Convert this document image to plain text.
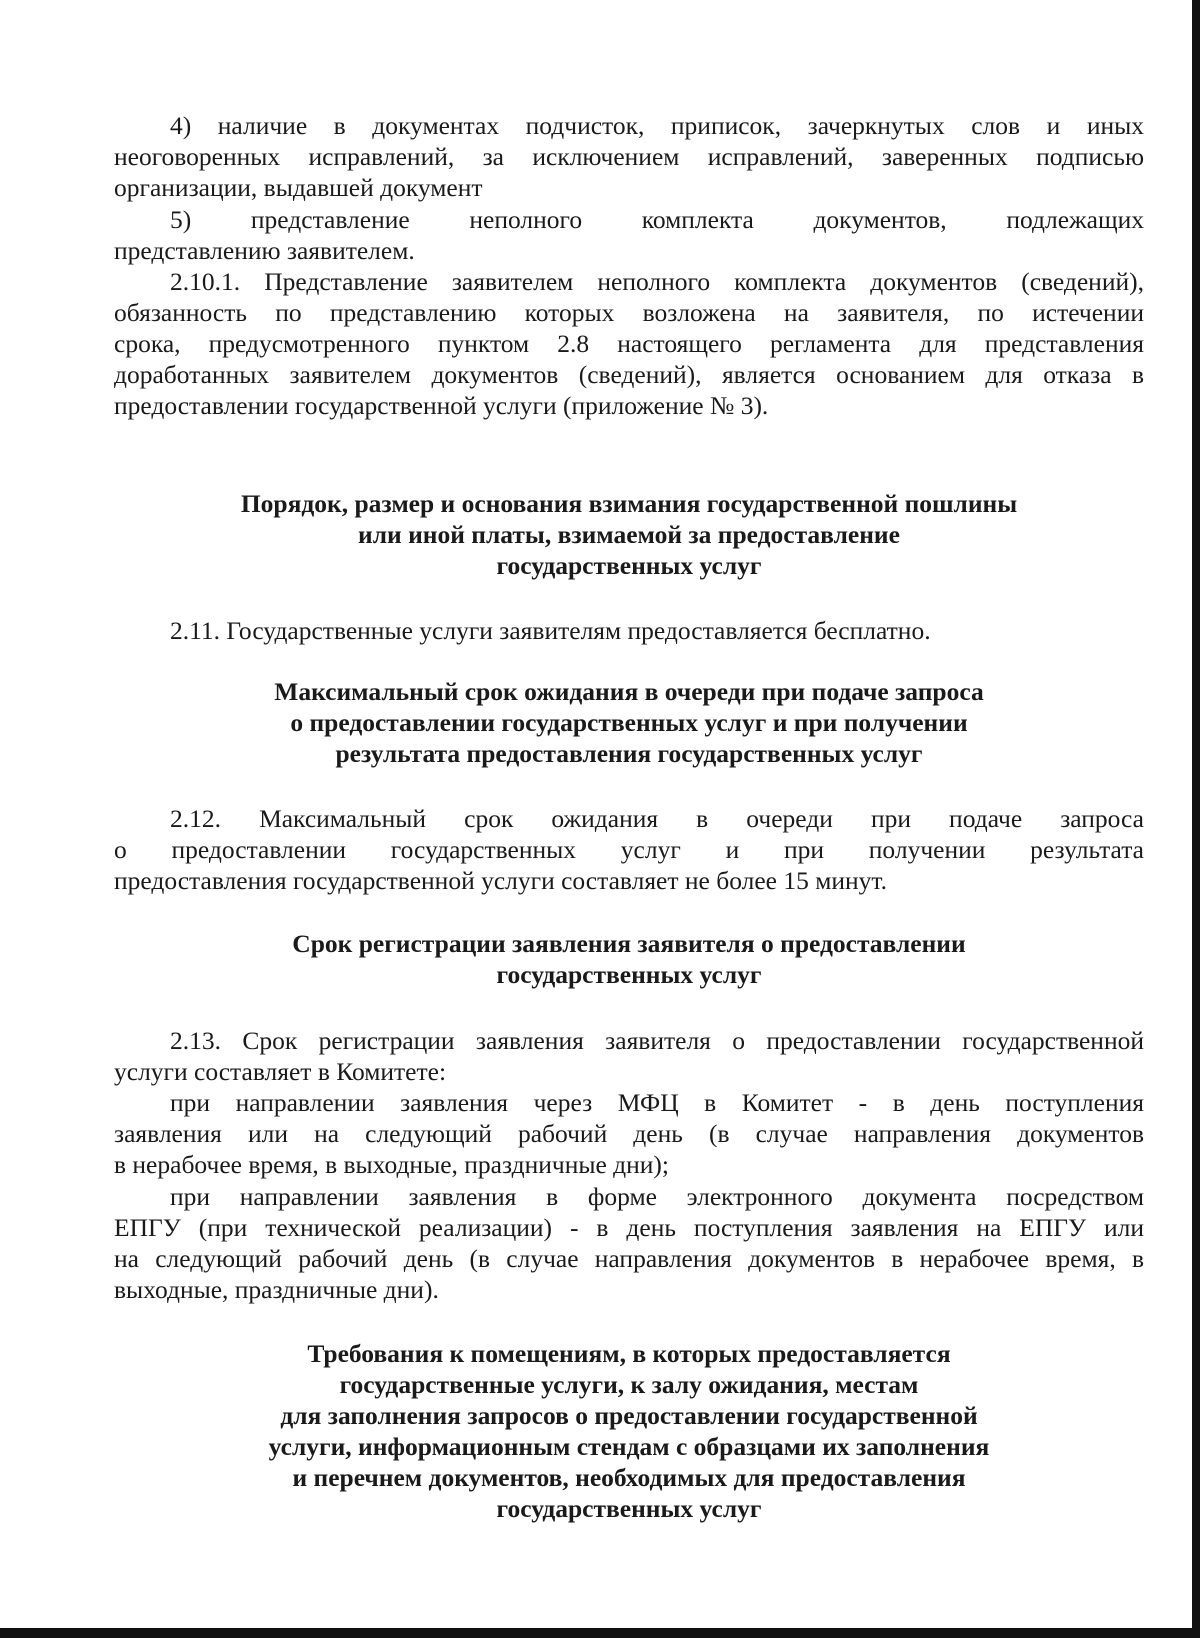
4) наличие в документах подчисток, приписок, зачеркнутых слов и иных
неоговоренных исправлений, за исключением исправлений, заверенных подписью
организации, выдавшей документ
5) представление неполного комплекта документов, подлежащих
представлению заявителем.
2.10.1. Представление заявителем неполного комплекта документов (сведений),
обязанность по представлению которых возложена на заявителя, по истечении
срока, предусмотренного пунктом 2.8 настоящего регламента для представления
доработанных заявителем документов (сведений), является основанием для отказа в
предоставлении государственной услуги (приложение № 3).
Порядок, размер и основания взимания государственной пошлины
или иной платы, взимаемой за предоставление
государственных услуг
2.11. Государственные услуги заявителям предоставляется бесплатно.
Максимальный срок ожидания в очереди при подаче запроса
о предоставлении государственных услуг и при получении
результата предоставления государственных услуг
2.12. Максимальный срок ожидания в очереди при подаче запроса
о предоставлении государственных услуг и при получении результата
предоставления государственной услуги составляет не более 15 минут.
Срок регистрации заявления заявителя о предоставлении
государственных услуг
2.13. Срок регистрации заявления заявителя о предоставлении государственной
услуги составляет в Комитете:
при направлении заявления через МФЦ в Комитет - в день поступления
заявления или на следующий рабочий день (в случае направления документов
в нерабочее время, в выходные, праздничные дни);
при направлении заявления в форме электронного документа посредством
ЕПГУ (при технической реализации) - в день поступления заявления на ЕПГУ или
на следующий рабочий день (в случае направления документов в нерабочее время, в
выходные, праздничные дни).
Требования к помещениям, в которых предоставляется
государственные услуги, к залу ожидания, местам
для заполнения запросов о предоставлении государственной
услуги, информационным стендам с образцами их заполнения
и перечнем документов, необходимых для предоставления
государственных услуг
